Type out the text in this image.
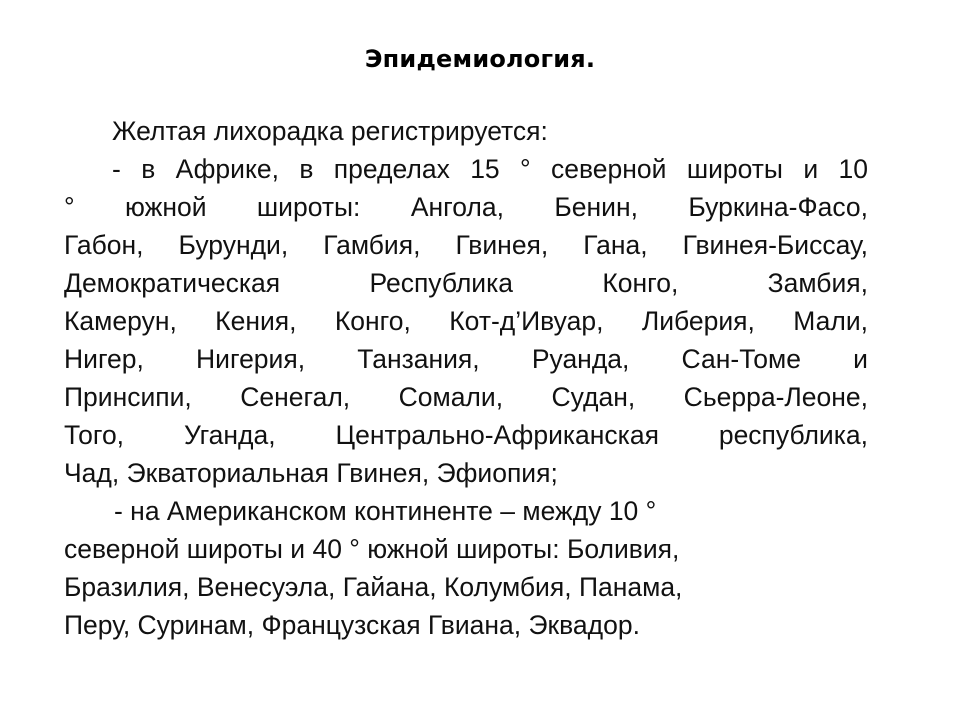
Эпидемиология.
Желтая лихорадка регистрируется:
- в Африке, в пределах 15 ° северной широты и 10
° южной широты: Ангола, Бенин, Буркина-Фасо,
Габон, Бурунди, Гамбия, Гвинея, Гана, Гвинея-Биссау,
Демократическая Республика Конго, Замбия,
Камерун, Кения, Конго, Кот-д’Ивуар, Либерия, Мали,
Нигер, Нигерия, Танзания, Руанда, Сан-Томе и
Принсипи, Сенегал, Сомали, Судан, Сьерра-Леоне,
Того, Уганда, Центрально-Африканская республика,
Чад, Экваториальная Гвинея, Эфиопия;
- на Американском континенте – между 10 °
северной широты и 40 ° южной широты: Боливия,
Бразилия, Венесуэла, Гайана, Колумбия, Панама,
Перу, Суринам, Французская Гвиана, Эквадор.
